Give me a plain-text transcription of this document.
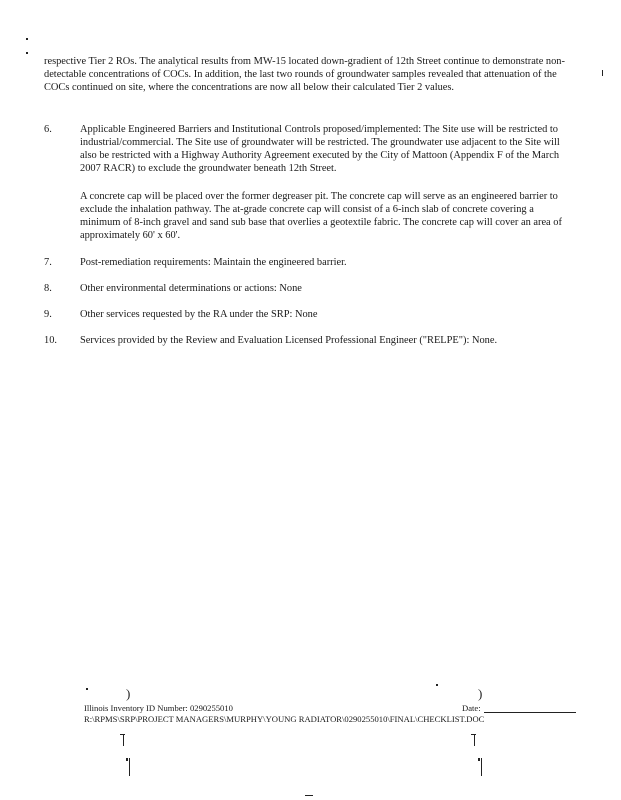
respective Tier 2 ROs. The analytical results from MW-15 located down-gradient of 12th Street continue to demonstrate non-detectable concentrations of COCs. In addition, the last two rounds of groundwater samples revealed that attenuation of the COCs continued on site, where the concentrations are now all below their calculated Tier 2 values.
6.	Applicable Engineered Barriers and Institutional Controls proposed/implemented: The Site use will be restricted to industrial/commercial. The Site use of groundwater will be restricted. The groundwater use adjacent to the Site will also be restricted with a Highway Authority Agreement executed by the City of Mattoon (Appendix F of the March 2007 RACR) to exclude the groundwater beneath 12th Street.
A concrete cap will be placed over the former degreaser pit. The concrete cap will serve as an engineered barrier to exclude the inhalation pathway. The at-grade concrete cap will consist of a 6-inch slab of concrete covering a minimum of 8-inch gravel and sand sub base that overlies a geotextile fabric. The concrete cap will cover an area of approximately 60' x 60'.
7.	Post-remediation requirements: Maintain the engineered barrier.
8.	Other environmental determinations or actions: None
9.	Other services requested by the RA under the SRP: None
10.	Services provided by the Review and Evaluation Licensed Professional Engineer ("RELPE"): None.
Illinois Inventory ID Number: 0290255010
R:\RPMS\SRP\PROJECT MANAGERS\MURPHY\YOUNG RADIATOR\0290255010\FINAL\CHECKLIST.DOC
Date:
)	)
